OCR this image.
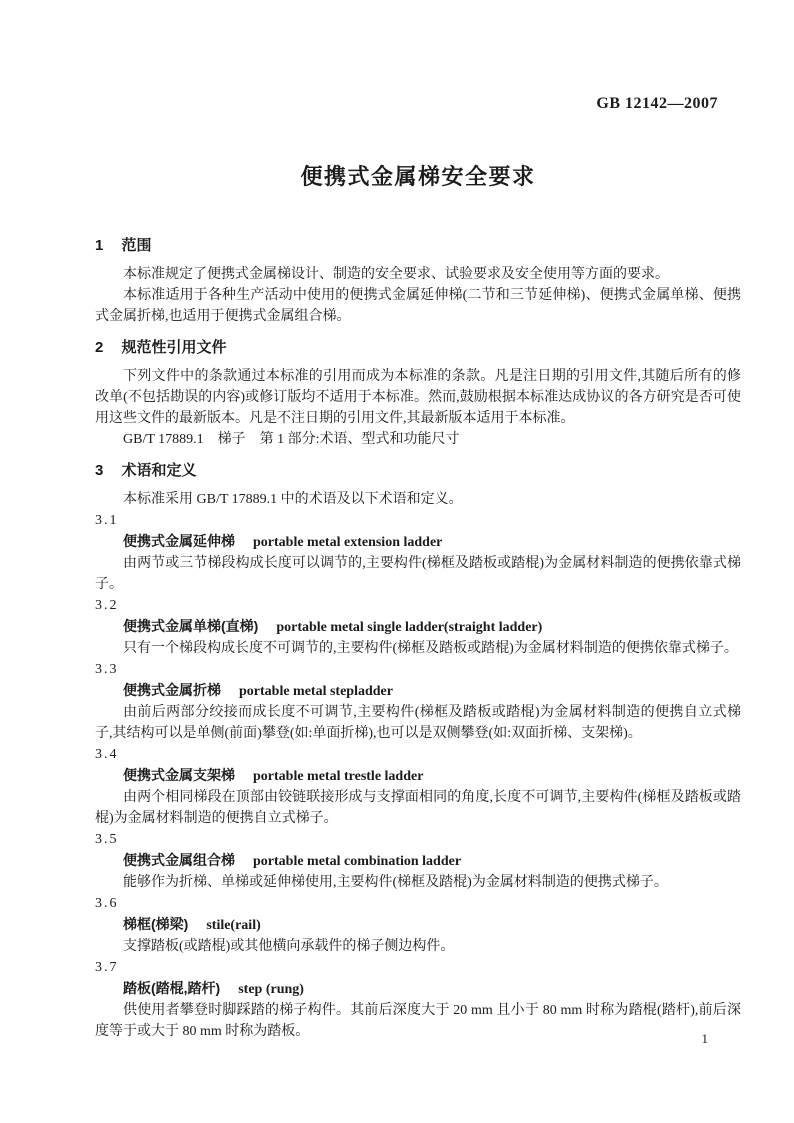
GB 12142—2007
便携式金属梯安全要求
1 范围

本标准规定了便携式金属梯设计、制造的安全要求、试验要求及安全使用等方面的要求。

本标准适用于各种生产活动中使用的便携式金属延伸梯(二节和三节延伸梯)、便携式金属单梯、便携式金属折梯,也适用于便携式金属组合梯。

2 规范性引用文件

下列文件中的条款通过本标准的引用而成为本标准的条款。凡是注日期的引用文件,其随后所有的修改单(不包括勘误的内容)或修订版均不适用于本标准。然而,鼓励根据本标准达成协议的各方研究是否可使用这些文件的最新版本。凡是不注日期的引用文件,其最新版本适用于本标准。

GB/T 17889.1　梯子　第 1 部分:术语、型式和功能尺寸

3 术语和定义

本标准采用 GB/T 17889.1 中的术语及以下术语和定义。

3.1
便携式金属延伸梯 portable metal extension ladder

由两节或三节梯段构成长度可以调节的,主要构件(梯框及踏板或踏棍)为金属材料制造的便携依靠式梯子。

3.2
便携式金属单梯(直梯) portable metal single ladder(straight ladder)

只有一个梯段构成长度不可调节的,主要构件(梯框及踏板或踏棍)为金属材料制造的便携依靠式梯子。

3.3
便携式金属折梯 portable metal stepladder

由前后两部分绞接而成长度不可调节,主要构件(梯框及踏板或踏棍)为金属材料制造的便携自立式梯子,其结构可以是单侧(前面)攀登(如:单面折梯),也可以是双侧攀登(如:双面折梯、支架梯)。

3.4
便携式金属支架梯 portable metal trestle ladder

由两个相同梯段在顶部由铰链联接形成与支撑面相同的角度,长度不可调节,主要构件(梯框及踏板或踏棍)为金属材料制造的便携自立式梯子。

3.5
便携式金属组合梯 portable metal combination ladder

能够作为折梯、单梯或延伸梯使用,主要构件(梯框及踏棍)为金属材料制造的便携式梯子。

3.6
梯框(梯梁) stile(rail)

支撑踏板(或踏棍)或其他横向承载件的梯子侧边构件。

3.7
踏板(踏棍,踏杆) step (rung)

供使用者攀登时脚踩踏的梯子构件。其前后深度大于 20 mm 且小于 80 mm 时称为踏棍(踏杆),前后深度等于或大于 80 mm 时称为踏板。	1
